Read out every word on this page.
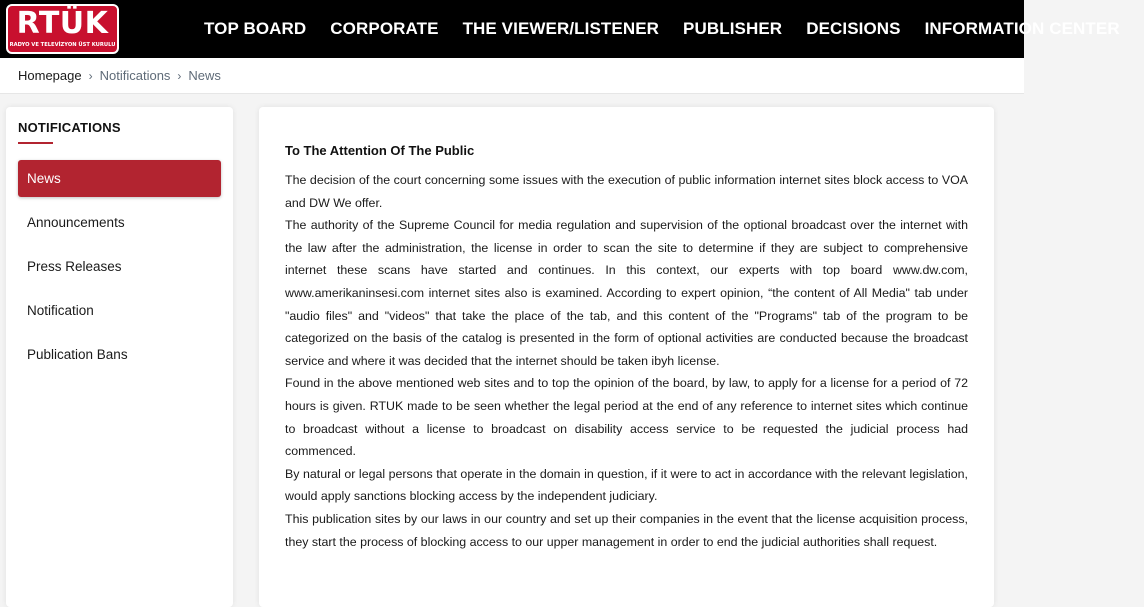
RTÜK
RADYO VE TELEVİZYON ÜST KURULU
TOP BOARD CORPORATE THE VIEWER/LISTENER PUBLISHER DECISIONS INFORMATION CENTER
Homepage › Notifications › News
NOTIFICATIONS
News
Announcements
Press Releases
Notification
Publication Bans
To The Attention Of The Public

The decision of the court concerning some issues with the execution of public information internet sites block access to VOA and DW We offer.

The authority of the Supreme Council for media regulation and supervision of the optional broadcast over the internet with the law after the administration, the license in order to scan the site to determine if they are subject to comprehensive internet these scans have started and continues. In this context, our experts with top board www.dw.com, www.amerikaninsesi.com internet sites also is examined. According to expert opinion, “the content of All Media" tab under "audio files" and "videos" that take the place of the tab, and this content of the "Programs" tab of the program to be categorized on the basis of the catalog is presented in the form of optional activities are conducted because the broadcast service and where it was decided that the internet should be taken ibyh license.

Found in the above mentioned web sites and to top the opinion of the board, by law, to apply for a license for a period of 72 hours is given. RTUK made to be seen whether the legal period at the end of any reference to internet sites which continue to broadcast without a license to broadcast on disability access service to be requested the judicial process had commenced.

By natural or legal persons that operate in the domain in question, if it were to act in accordance with the relevant legislation, would apply sanctions blocking access by the independent judiciary.

This publication sites by our laws in our country and set up their companies in the event that the license acquisition process, they start the process of blocking access to our upper management in order to end the judicial authorities shall request.
